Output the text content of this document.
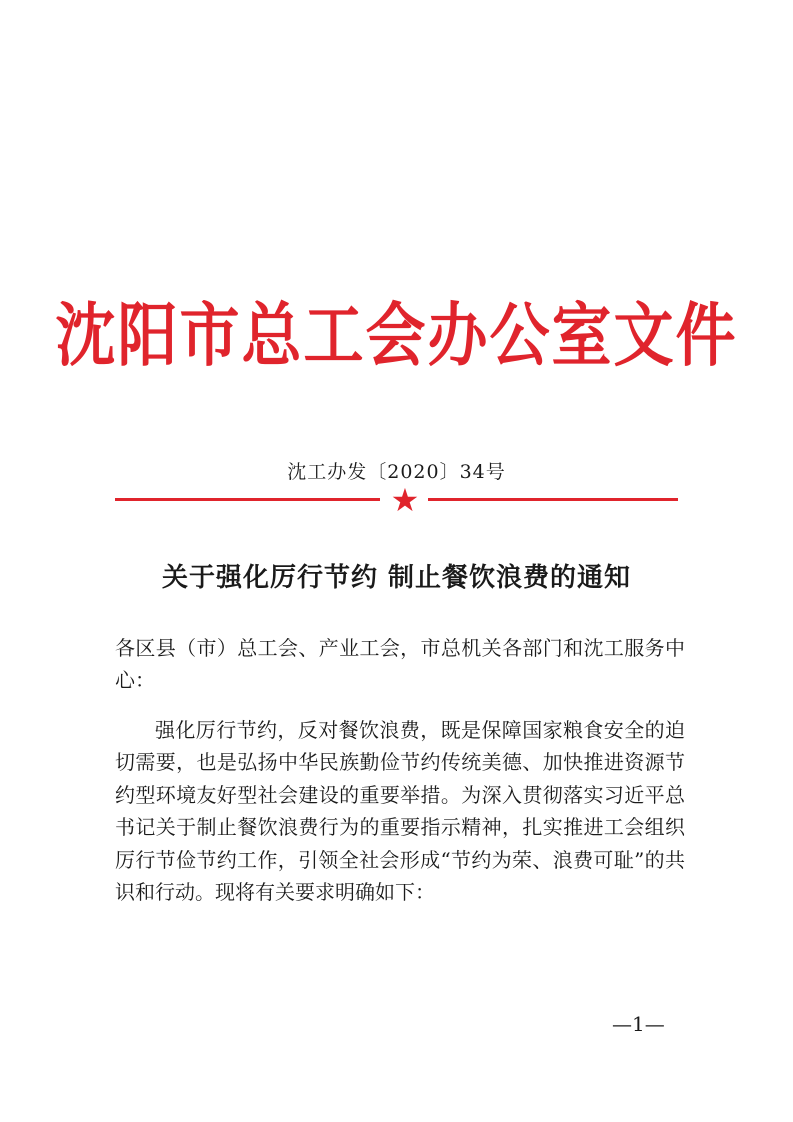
沈阳市总工会办公室文件
沈工办发〔2020〕34号
★
关于强化厉行节约 制止餐饮浪费的通知
各区县（市）总工会、产业工会，市总机关各部门和沈工服务中心：
强化厉行节约，反对餐饮浪费，既是保障国家粮食安全的迫切需要，也是弘扬中华民族勤俭节约传统美德、加快推进资源节约型环境友好型社会建设的重要举措。为深入贯彻落实习近平总书记关于制止餐饮浪费行为的重要指示精神，扎实推进工会组织厉行节俭节约工作，引领全社会形成“节约为荣、浪费可耻”的共识和行动。现将有关要求明确如下：
—1—
